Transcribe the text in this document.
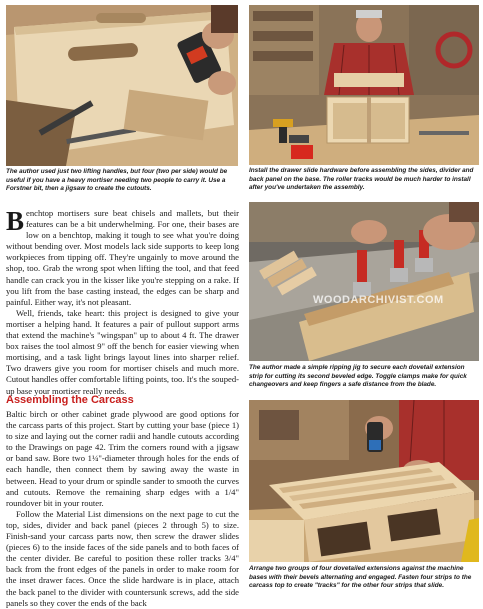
The author used just two lifting handles, but four (two per side) would be useful if you have a heavy mortiser needing two people to carry it. Use a Forstner bit, then a jigsaw to create the cutouts.

Install the drawer slide hardware before assembling the sides, divider and back panel on the base. The roller tracks would be much harder to install after you've undertaken the assembly.

Benchtop mortisers sure beat chisels and mallets, but their features can be a bit underwhelming. For one, their bases are low on a benchtop, making it tough to see what you're doing without bending over. Most models lack side supports to keep long workpieces from tipping off. They're ungainly to move around the shop, too. Grab the wrong spot when lifting the tool, and that feed handle can crack you in the kisser like you're stepping on a rake. If you lift from the base casting instead, the edges can be sharp and painful. Either way, it's not pleasant.

Well, friends, take heart: this project is designed to give your mortiser a helping hand. It features a pair of pullout support arms that extend the machine's "wingspan" up to about 4 ft. The drawer box raises the tool almost 9" off the bench for easier viewing when mortising, and a task light brings layout lines into sharper relief. Two drawers give you room for mortiser chisels and much more. Cutout handles offer comfortable lifting points, too. It's the souped-up base your mortiser really needs.

Assembling the Carcass

Baltic birch or other cabinet grade plywood are good options for the carcass parts of this project. Start by cutting your base (piece 1) to size and laying out the corner radii and handle cutouts according to the Drawings on page 42. Trim the corners round with a jigsaw or band saw. Bore two 1¼"-diameter through holes for the ends of each handle, then connect them by sawing away the waste in between. Head to your drum or spindle sander to smooth the curves and cutouts. Remove the remaining sharp edges with a 1/4" roundover bit in your router.

Follow the Material List dimensions on the next page to cut the top, sides, divider and back panel (pieces 2 through 5) to size. Finish-sand your carcass parts now, then screw the drawer slides (pieces 6) to the inside faces of the side panels and to both faces of the center divider. Be careful to position these roller tracks 3/4" back from the front edges of the panels in order to make room for the inset drawer faces. Once the slide hardware is in place, attach the back panel to the divider with countersunk screws, add the side panels so they cover the ends of the back

WOODARCHIVIST.COM

The author made a simple ripping jig to secure each dovetail extension strip for cutting its second beveled edge. Toggle clamps make for quick changeovers and keep fingers a safe distance from the blade.

Arrange two groups of four dovetailed extensions against the machine bases with their bevels alternating and engaged. Fasten four strips to the carcass top to create "tracks" for the other four strips that slide.
